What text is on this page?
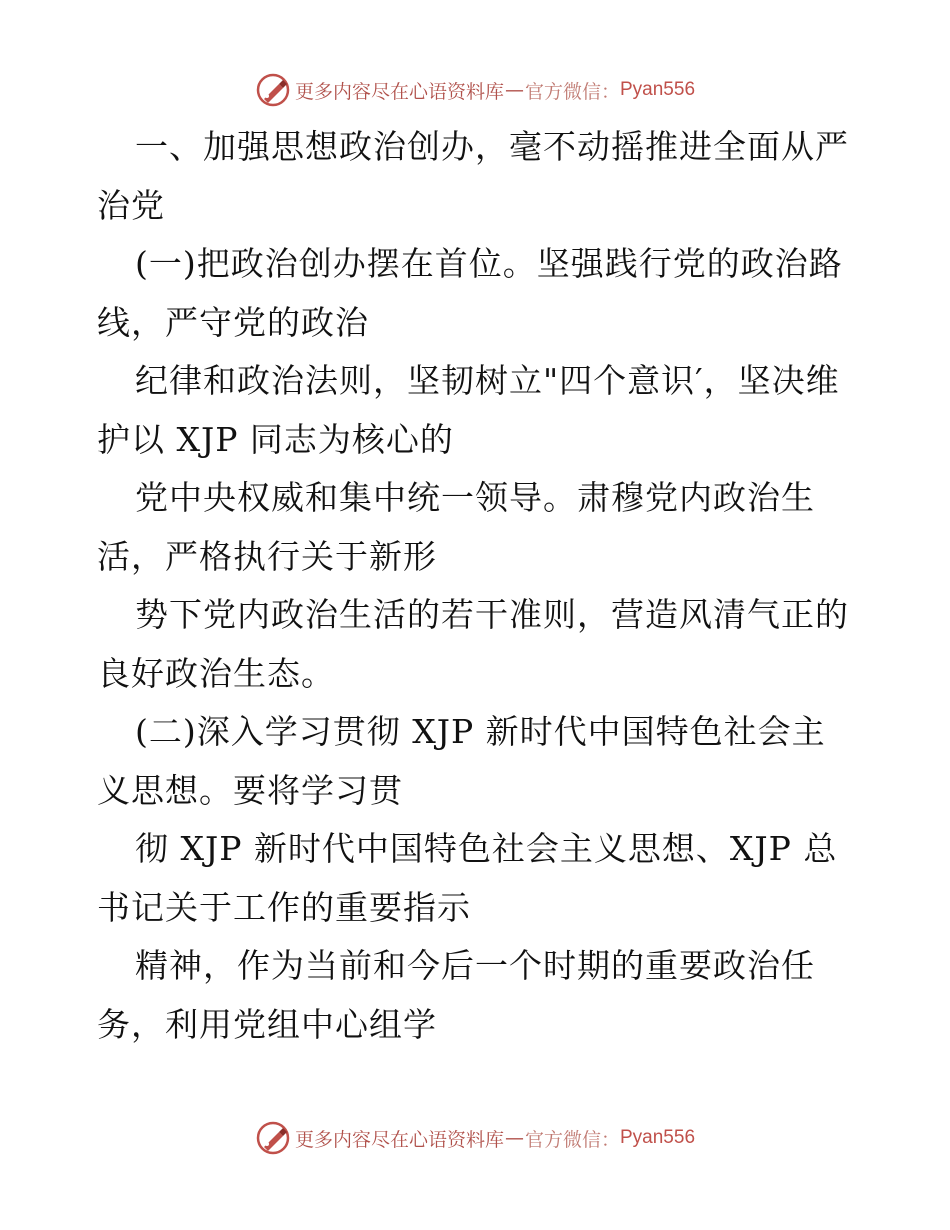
更多内容尽在心语资料库 — 官方微信： Pyan556

一、加强思想政治创办，毫不动摇推进全面从严治党

(一)把政治创办摆在首位。坚强践行党的政治路线，严守党的政治

纪律和政治法则，坚韧树立"四个意识′，坚决维护以 XJP 同志为核心的

党中央权威和集中统一领导。肃穆党内政治生活，严格执行关于新形

势下党内政治生活的若干准则，营造风清气正的良好政治生态。

(二)深入学习贯彻 XJP 新时代中国特色社会主义思想。要将学习贯

彻 XJP 新时代中国特色社会主义思想、XJP 总书记关于工作的重要指示

精神，作为当前和今后一个时期的重要政治任务，利用党组中心组学

更多内容尽在心语资料库 — 官方微信： Pyan556
